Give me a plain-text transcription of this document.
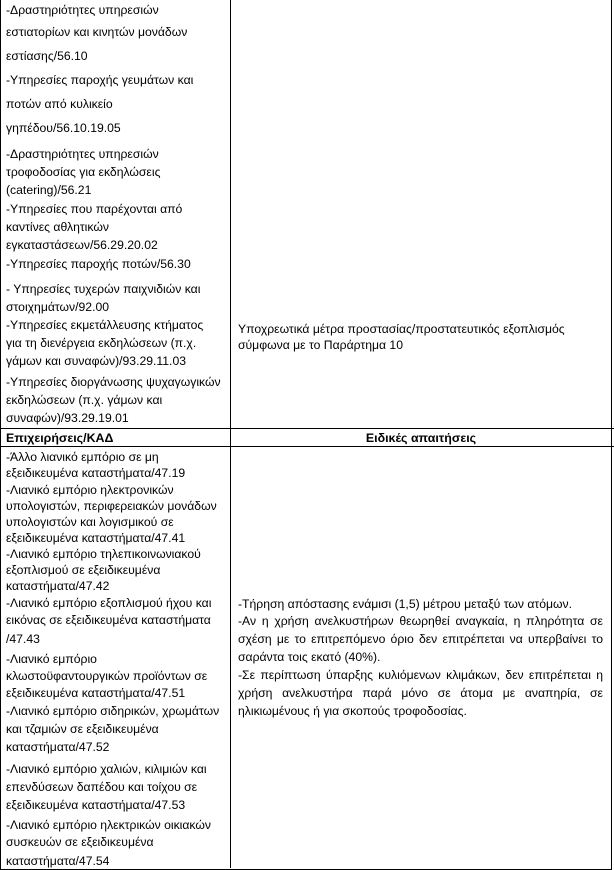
-Δραστηριότητες υπηρεσιών
εστιατορίων και κινητών μονάδων
εστίασης/56.10
-Υπηρεσίες παροχής γευμάτων και
ποτών από κυλικείο
γηπέδου/56.10.19.05
-Δραστηριότητες υπηρεσιών
τροφοδοσίας για εκδηλώσεις
(catering)/56.21
-Υπηρεσίες που παρέχονται από
καντίνες αθλητικών
εγκαταστάσεων/56.29.20.02
-Υπηρεσίες παροχής ποτών/56.30
- Υπηρεσίες τυχερών παιχνιδιών και
στοιχημάτων/92.00
-Υπηρεσίες εκμετάλλευσης κτήματος
για τη διενέργεια εκδηλώσεων (π.χ.
γάμων και συναφών)/93.29.11.03
-Υπηρεσίες διοργάνωσης ψυχαγωγικών
εκδηλώσεων (π.χ. γάμων και
συναφών)/93.29.19.01
Υποχρεωτικά μέτρα προστασίας/προστατευτικός εξοπλισμός
σύμφωνα με το Παράρτημα 10
Επιχειρήσεις/ΚΑΔ	Ειδικές απαιτήσεις
-Άλλο λιανικό εμπόριο σε μη
εξειδικευμένα καταστήματα/47.19
-Λιανικό εμπόριο ηλεκτρονικών
υπολογιστών, περιφερειακών μονάδων
υπολογιστών και λογισμικού σε
εξειδικευμένα καταστήματα/47.41
-Λιανικό εμπόριο τηλεπικοινωνιακού
εξοπλισμού σε εξειδικευμένα
καταστήματα/47.42
-Λιανικό εμπόριο εξοπλισμού ήχου και
εικόνας σε εξειδικευμένα καταστήματα
/47.43
-Λιανικό εμπόριο
κλωστοϋφαντουργικών προϊόντων σε
εξειδικευμένα καταστήματα/47.51
-Λιανικό εμπόριο σιδηρικών, χρωμάτων
και τζαμιών σε εξειδικευμένα
καταστήματα/47.52
-Λιανικό εμπόριο χαλιών, κιλιμιών και
επενδύσεων δαπέδου και τοίχου σε
εξειδικευμένα καταστήματα/47.53
-Λιανικό εμπόριο ηλεκτρικών οικιακών
συσκευών σε εξειδικευμένα
καταστήματα/47.54
-Τήρηση απόστασης ενάμισι (1,5) μέτρου μεταξύ των ατόμων.
-Αν η χρήση ανελκυστήρων θεωρηθεί αναγκαία, η πληρότητα σε
σχέση με το επιτρεπόμενο όριο δεν επιτρέπεται να υπερβαίνει το
σαράντα τοις εκατό (40%).
-Σε περίπτωση ύπαρξης κυλιόμενων κλιμάκων, δεν επιτρέπεται η
χρήση ανελκυστήρα παρά μόνο σε άτομα με αναπηρία, σε
ηλικιωμένους ή για σκοπούς τροφοδοσίας.
